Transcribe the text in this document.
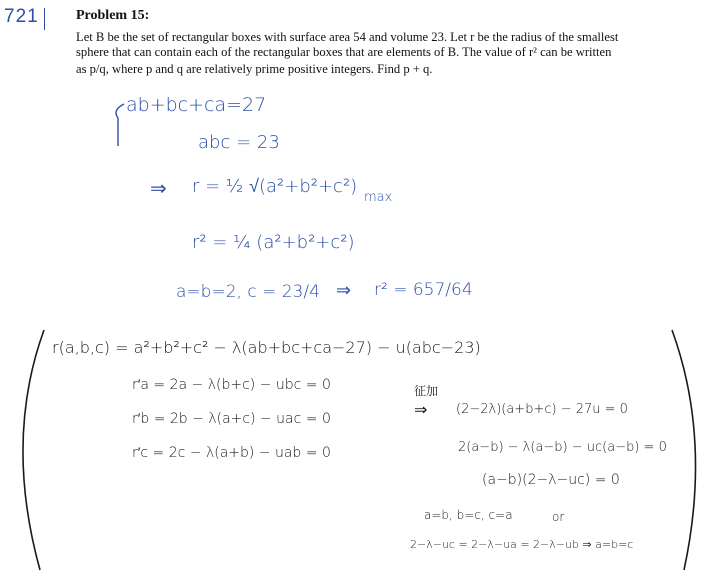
721	Problem 15:
Let B be the set of rectangular boxes with surface area 54 and volume 23. Let r be the radius of the smallest
sphere that can contain each of the rectangular boxes that are elements of B. The value of r² can be written
as p/q, where p and q are relatively prime positive integers. Find p + q.
ab+bc+ca=27
abc = 23
⇒ r = ½ √(a²+b²+c²)
max
r² = ¼ (a²+b²+c²)
a=b=2, c = 23/4 ⇒ r² = 657/64
r(a,b,c) = a²+b²+c² − λ(ab+bc+ca−27) − u(abc−23)
r′a = 2a − λ(b+c) − ubc = 0
r′b = 2b − λ(a+c) − uac = 0
r′c = 2c − λ(a+b) − uab = 0
征加
⇒ (2−2λ)(a+b+c) − 27u = 0
2(a−b) − λ(a−b) − uc(a−b) = 0
(a−b)(2−λ−uc) = 0
a=b, b=c, c=a	or
2−λ−uc = 2−λ−ua = 2−λ−ub ⇒ a=b=c
